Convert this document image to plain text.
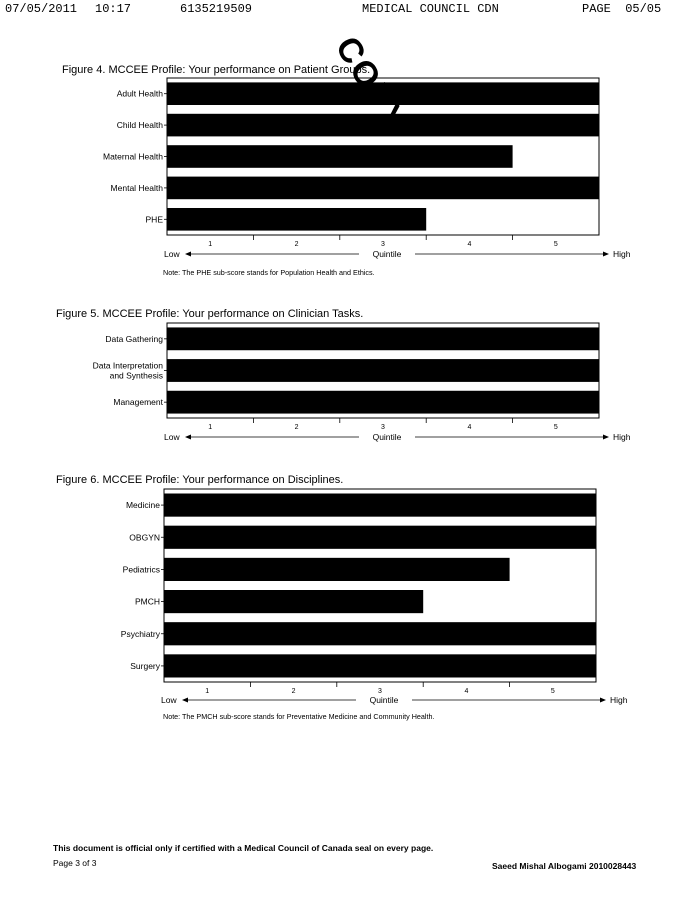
07/05/2011 10:17	6135219509	MEDICAL COUNCIL CDN	PAGE  05/05
Figure 4. MCCEE Profile: Your performance on Patient Groups.
Adult Health
Child Health
Maternal Health
Mental Health
PHE
1	2	3	4	5
Low	Quintile	High
Note: The PHE sub-score stands for Population Health and Ethics.
Figure 5. MCCEE Profile: Your performance on Clinician Tasks.
Data Gathering
Data Interpretation and Synthesis
Management
1	2	3	4	5
Low	Quintile	High
Figure 6. MCCEE Profile: Your performance on Disciplines.
Medicine
OBGYN
Pediatrics
PMCH
Psychiatry
Surgery
1	2	3	4	5
Low	Quintile	High
Note: The PMCH sub-score stands for Preventative Medicine and Community Health.
This document is official only if certified with a Medical Council of Canada seal on every page.
Page 3 of 3	Saeed Mishal Albogami 2010028443
